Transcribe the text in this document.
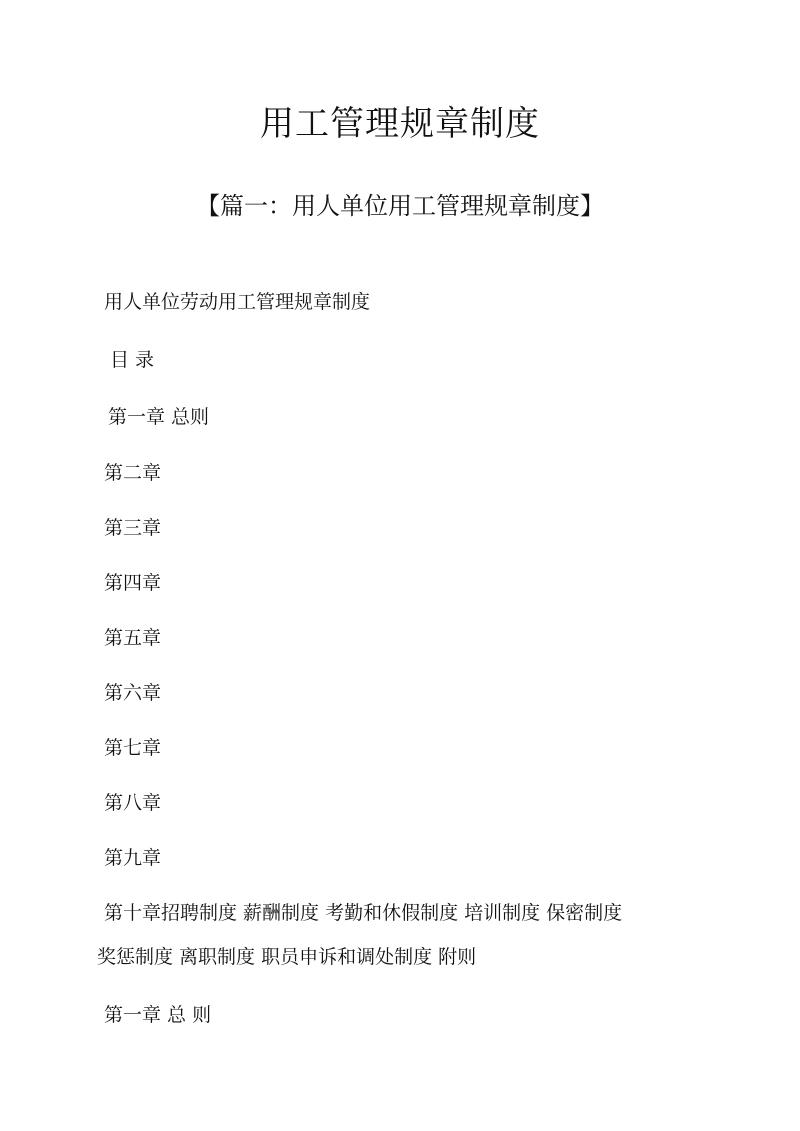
用工管理规章制度
【篇一：用人单位用工管理规章制度】

用人单位劳动用工管理规章制度

目 录

第一章 总则

第二章

第三章

第四章

第五章

第六章

第七章

第八章

第九章

第十章招聘制度 薪酬制度 考勤和休假制度 培训制度 保密制度

奖惩制度 离职制度 职员申诉和调处制度 附则

第一章 总 则
